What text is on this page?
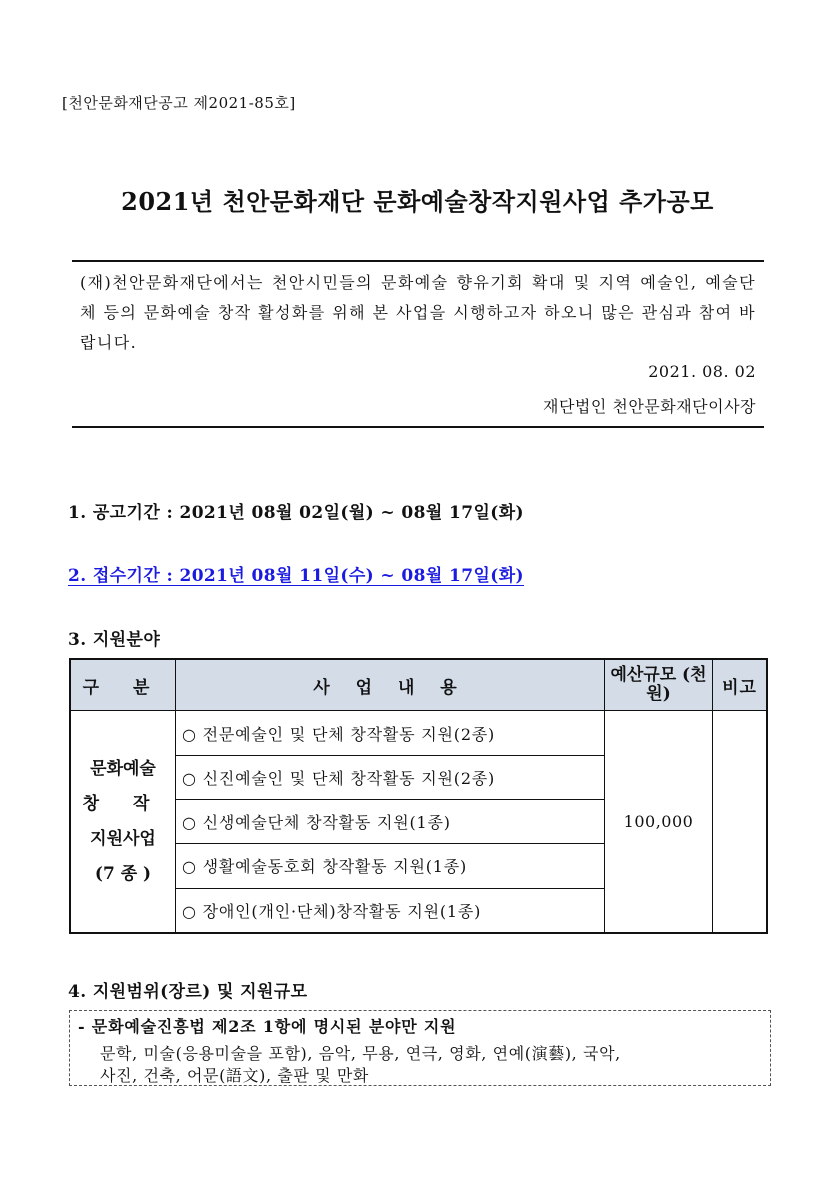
[천안문화재단공고 제2021-85호]
2021년 천안문화재단 문화예술창작지원사업 추가공모

(재)천안문화재단에서는 천안시민들의 문화예술 향유기회 확대 및 지역 예술인, 예술단체 등의 문화예술 창작 활성화를 위해 본 사업을 시행하고자 하오니 많은 관심과 참여 바랍니다.

2021. 08. 02
재단법인 천안문화재단이사장
1. 공고기간 : 2021년 08월 02일(월) ~ 08월 17일(화)
2. 접수기간 : 2021년 08월 11일(수) ~ 08월 17일(화)
3. 지원분야
구 분	사 업 내 용	예산규모 (천원)	비고

문화예술
창 작
지원사업
(7 종 )	○ 전문예술인 및 단체 창작활동 지원(2종)	100,000	
	○ 신진예술인 및 단체 창작활동 지원(2종)		
	○ 신생예술단체 창작활동 지원(1종)		
	○ 생활예술동호회 창작활동 지원(1종)		
	○ 장애인(개인·단체)창작활동 지원(1종)		
4. 지원범위(장르) 및 지원규모
- 문화예술진흥법 제2조 1항에 명시된 분야만 지원
문학, 미술(응용미술을 포함), 음악, 무용, 연극, 영화, 연예(演藝), 국악,
사진, 건축, 어문(語文), 출판 및 만화
